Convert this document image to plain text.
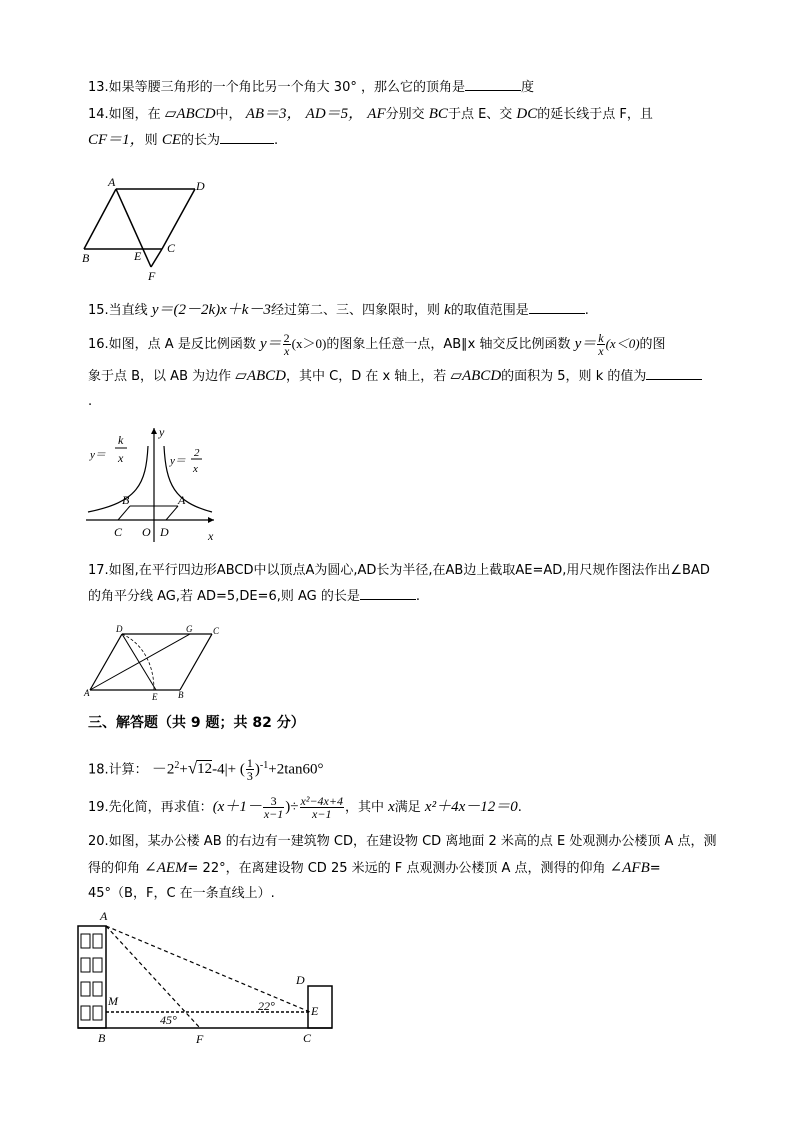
13.如果等腰三角形的一个角比另一个角大 30° ，那么它的顶角是	度
14.如图，在 ▱ABCD中， AB＝3， AD＝5， AF分别交 BC于点 E、交 DC的延长线于点 F，且
CF＝1，则 CE的长为	.
A	D
B	E
C
F
15.当直线 y＝(2－2k)x＋k－3经过第二、三、四象限时，则 k的取值范围是	.
16.如图，点 A 是反比例函数 $y= \frac{2}{x} (x>0)$的图象上任意一点，AB∥x 轴交反比例函数 $y= \frac{k}{x} (x<0)$的图
象于点 B，以 AB 为边作 ▱ABCD，其中 C，D 在 x 轴上，若 ▱ABCD的面积为 5，则 k 的值为
.
y＝
k
x	y＝
2
x
y
x
B	A
C O D
17.如图,在平行四边形ABCD中以顶点A为圆心,AD长为半径,在AB边上截取AE=AD,用尺规作图法作出∠BAD
的角平分线 AG,若 AD=5,DE=6,则 AG 的长是	.
D	G C
A	E B
三、解答题（共 9 题；共 82 分）
18.计算： $-2^2+√12-4|+$ ( $\frac{1}{3} )^{-1}+2\tan 60^\circ$
19.先化简，再求值：($x+1- \frac{3}{x-1}$ )÷ $\frac{\text{x²−4x+4}}{x-1}$ ，其中 x满足 x²＋4x－12＝0.
20.如图，某办公楼 AB 的右边有一建筑物 CD，在建设物 CD 离地面 2 米高的点 E 处观测办公楼顶 A 点，测
得的仰角 ∠AEM= 22°，在离建设物 CD 25 米远的 F 点观测办公楼顶 A 点，测得的仰角 ∠AFB=
45°（B，F，C 在一条直线上）.
A
M
B	F	C
D
E
22°
45°
